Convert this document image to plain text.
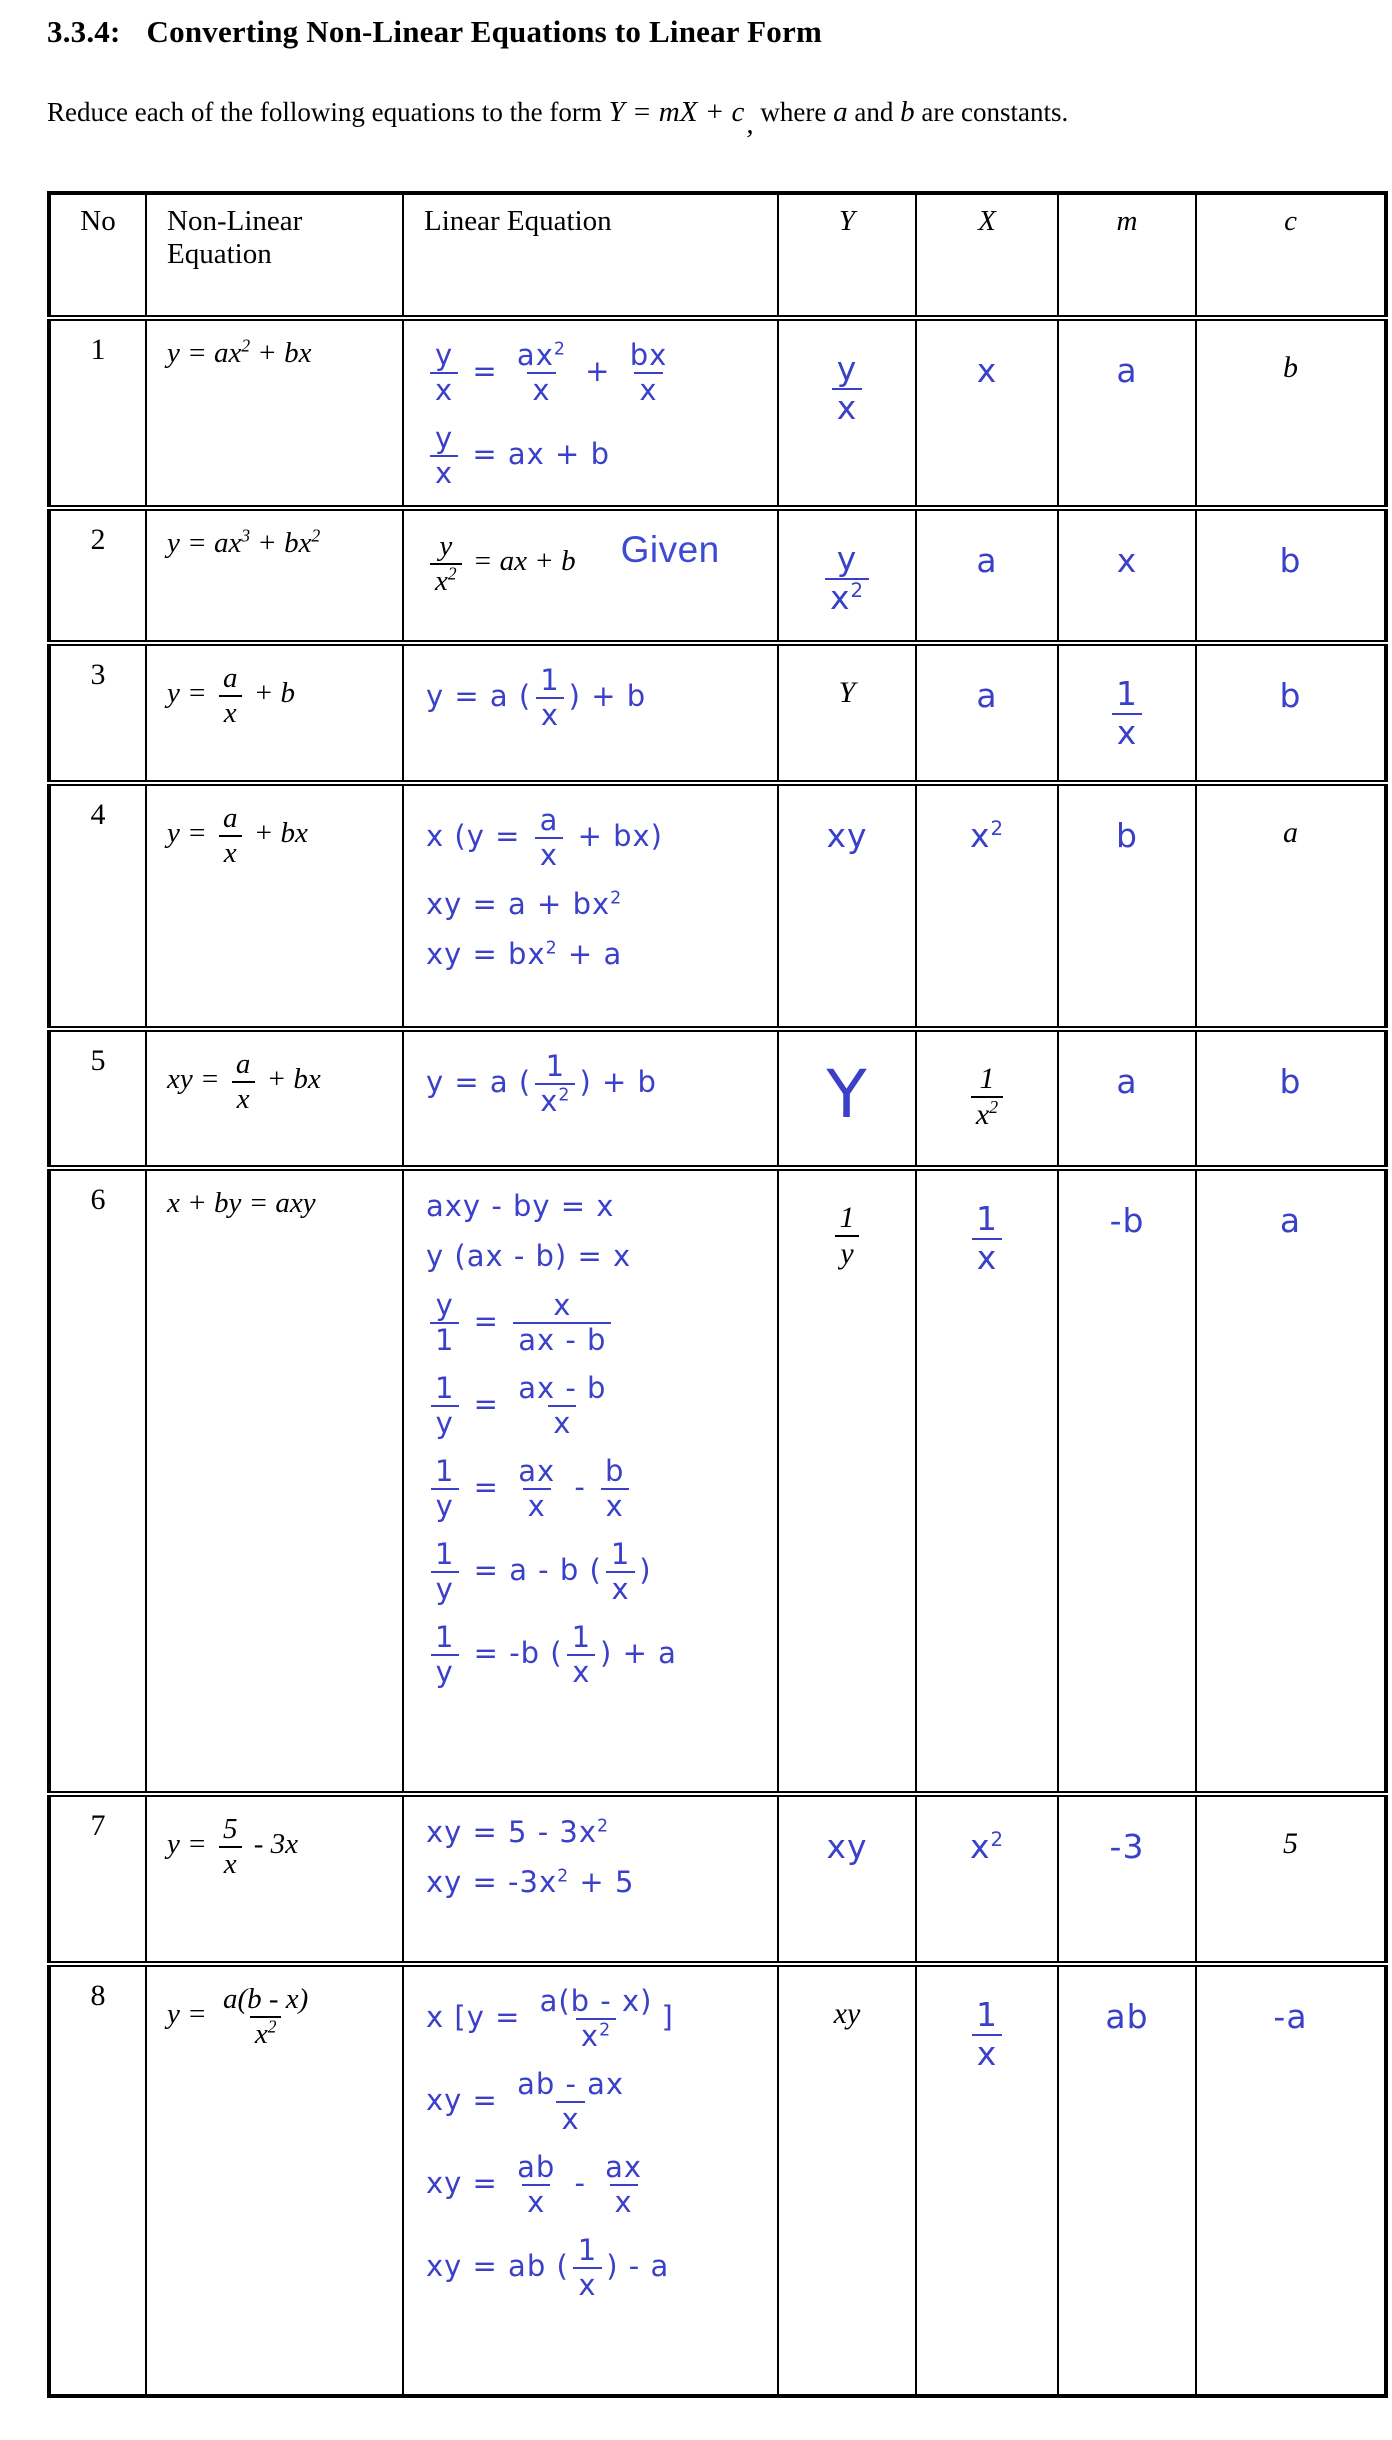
3.3.4: Converting Non-Linear Equations to Linear Form

Reduce each of the following equations to the form Y = mX + c, where a and b are constants.

No	Non-Linear Equation	Linear Equation	Y	X	m	c
1	$y = ax^2$ + bx	$\frac{y}{x} = \frac{ax^2}{x} + \frac{bx}{x}$
$\frac{y}{x}$ = ax + b

$\frac{y}{x}$	x	a	b
2	$y = ax^3 + bx^2$	$\frac{y}{x^2}$ = ax + b Given	$\frac{y}{x^2}$	a	x	b
3	$y = \frac{a}{x} + b$	y = a ( $\frac{1}{x}$ ) + b	Y	a	$\frac{1}{x}$	b
4	$y = \frac{a}{x}$ + bx	x $(y = \frac{a}{x} + bx)$
xy = $a + bx^2$
xy = $bx^2 + a$
	xy	$x^2$	b	a
5	xy = $\frac{a}{x}$ + bx	y = a ( $\frac{1}{x^2}$ ) + b	Y	$\frac{1}{x^2}$	a	b
6	x + by = axy	axy - by = x
y (ax - b) = x
$\frac{y}{1} = \frac{x}{ax - b}$
$\frac{1}{y} = \frac{ax - b}{x}$
$\frac{1}{y} = \frac{ax}{x} - \frac{b}{x}$
$\frac{1}{y} = a - b$ ( $\frac{1}{x}$ )
$\frac{1}{y} = -b$ ( $\frac{1}{x}$ ) + a

$\frac{1}{y}$	$\frac{1}{x}$	-b	a
7	$y = \frac{5}{x} - 3x$	xy = $5 - 3x^2$
xy = $-3x^2 + 5$
	xy	$x^2$	-3	5
8	$y = \frac{a(b - x)}{x^2}$	x [$y = \frac{a(b - x)}{x^2}$ ]
xy = $\frac{ab - ax}{x}$
xy = $\frac{ab}{x} - \frac{ax}{x}$
xy = ab ( $\frac{1}{x}$ ) - a
	xy	$\frac{1}{x}$	ab	-a
